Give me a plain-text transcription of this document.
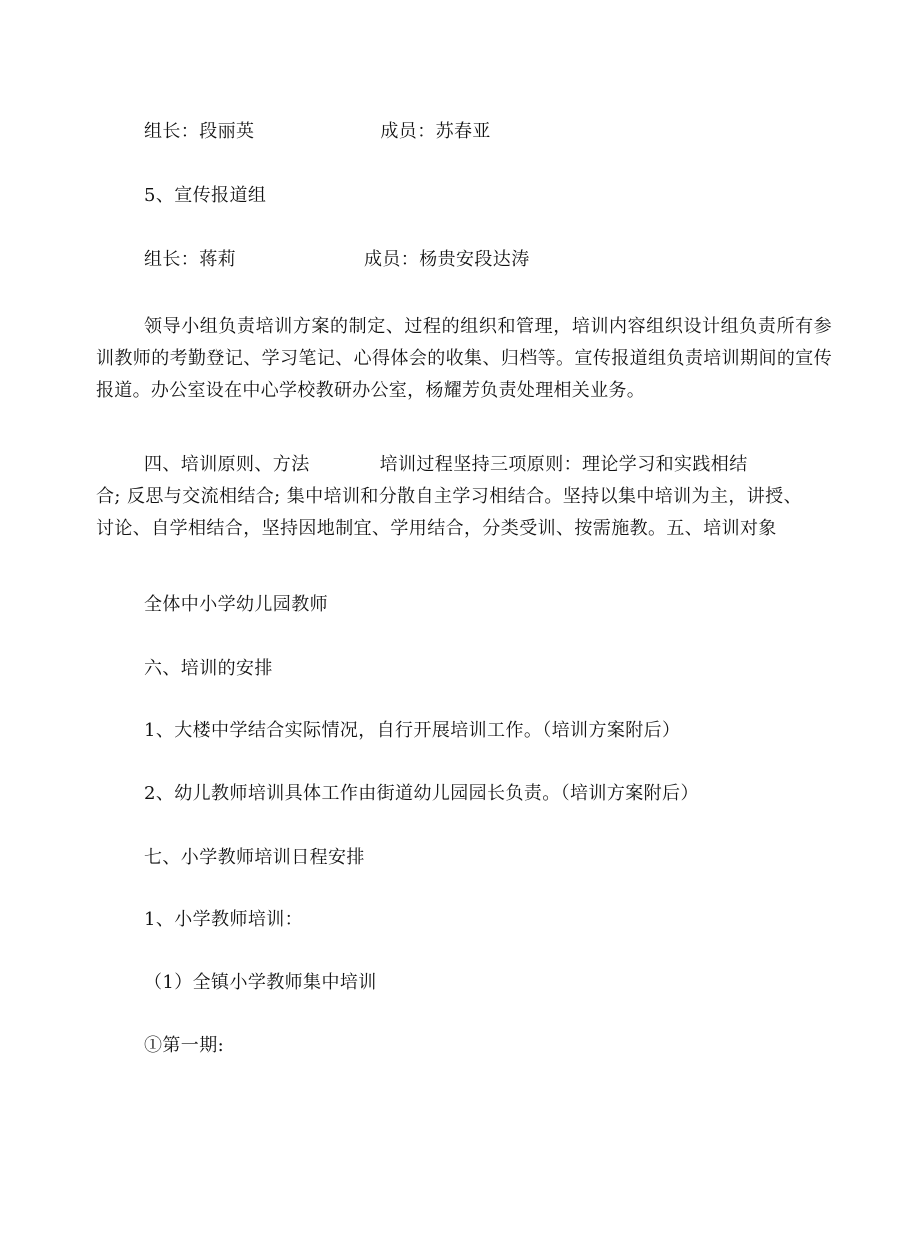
组长：段丽英	成员：苏春亚
5、宣传报道组
组长：蒋莉	成员：杨贵安段达涛
领导小组负责培训方案的制定、过程的组织和管理，培训内容组织设计组负责所有参训教师的考勤登记、学习笔记、心得体会的收集、归档等。宣传报道组负责培训期间的宣传报道。办公室设在中心学校教研办公室，杨耀芳负责处理相关业务。
四、培训原则、方法	培训过程坚持三项原则：理论学习和实践相结
合; 反思与交流相结合; 集中培训和分散自主学习相结合。坚持以集中培训为主，讲授、
讨论、自学相结合，坚持因地制宜、学用结合，分类受训、按需施教。五、培训对象
全体中小学幼儿园教师
六、培训的安排
1、大楼中学结合实际情况，自行开展培训工作。（培训方案附后）
2、幼儿教师培训具体工作由街道幼儿园园长负责。（培训方案附后）
七、小学教师培训日程安排
1、小学教师培训：
（1）全镇小学教师集中培训
①第一期:
